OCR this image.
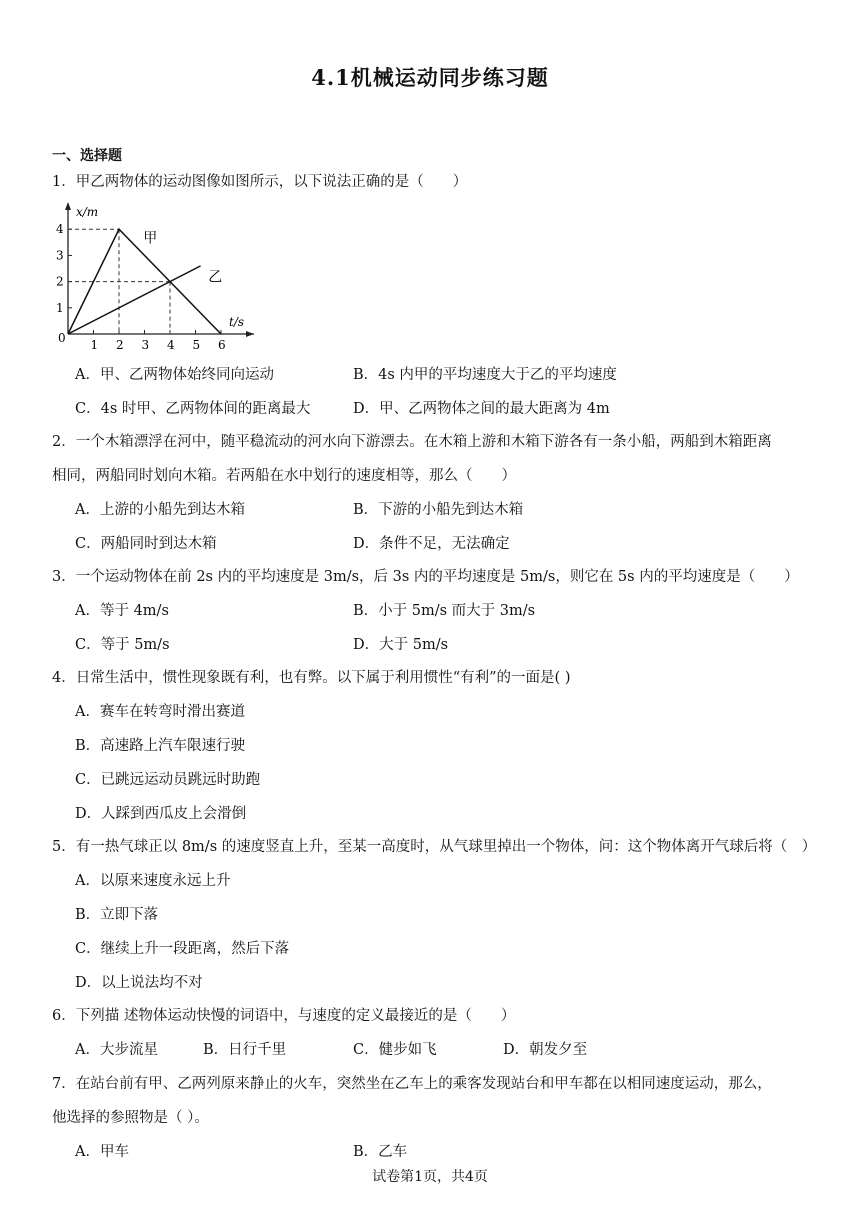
4.1机械运动同步练习题
一、选择题
1．甲乙两物体的运动图像如图所示，以下说法正确的是（　　）
x/m
t/s
0 1 2 3 4 5 6
1
2
3
4
甲
乙
A．甲、乙两物体始终同向运动	B．4s 内甲的平均速度大于乙的平均速度
C．4s 时甲、乙两物体间的距离最大	D．甲、乙两物体之间的最大距离为 4m
2．一个木箱漂浮在河中，随平稳流动的河水向下游漂去。在木箱上游和木箱下游各有一条小船，两船到木箱距离
相同，两船同时划向木箱。若两船在水中划行的速度相等，那么（　　）
A．上游的小船先到达木箱	B．下游的小船先到达木箱
C．两船同时到达木箱	D．条件不足，无法确定
3．一个运动物体在前 2s 内的平均速度是 3m/s，后 3s 内的平均速度是 5m/s，则它在 5s 内的平均速度是（　　）
A．等于 4m/s	B．小于 5m/s 而大于 3m/s
C．等于 5m/s	D．大于 5m/s
4．日常生活中，惯性现象既有利，也有弊。以下属于利用惯性“有利”的一面是( )
A．赛车在转弯时滑出赛道
B．高速路上汽车限速行驶
C．已跳远运动员跳远时助跑
D．人踩到西瓜皮上会滑倒
5．有一热气球正以 8m/s 的速度竖直上升，至某一高度时，从气球里掉出一个物体，问：这个物体离开气球后将（　）
A．以原来速度永远上升
B．立即下落
C．继续上升一段距离，然后下落
D．以上说法均不对
6．下列描 述物体运动快慢的词语中，与速度的定义最接近的是（　　）
A．大步流星	B．日行千里	C．健步如飞	D．朝发夕至
7．在站台前有甲、乙两列原来静止的火车，突然坐在乙车上的乘客发现站台和甲车都在以相同速度运动，那么，
他选择的参照物是（ ）。
A．甲车	B．乙车
试卷第1页，共4页
